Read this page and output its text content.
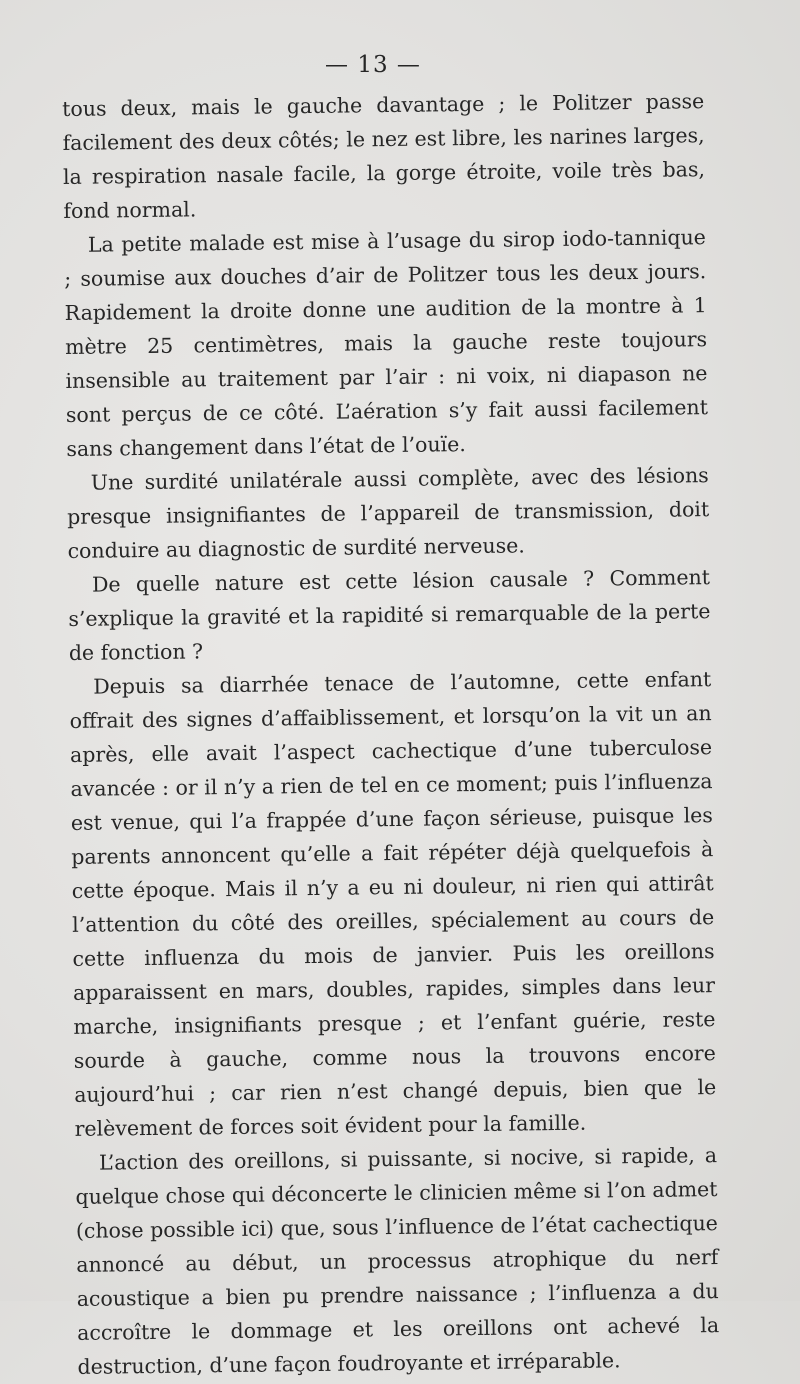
— 13 —

tous deux, mais le gauche davantage ; le Politzer passe facilement des deux côtés; le nez est libre, les narines larges, la respiration nasale facile, la gorge étroite, voile très bas, fond normal.

La petite malade est mise à l’usage du sirop iodo-tannique ; soumise aux douches d’air de Politzer tous les deux jours. Rapidement la droite donne une audition de la montre à 1 mètre 25 centimètres, mais la gauche reste toujours insensible au traitement par l’air : ni voix, ni diapason ne sont perçus de ce côté. L’aération s’y fait aussi facilement sans changement dans l’état de l’ouïe.

Une surdité unilatérale aussi complète, avec des lésions presque insignifiantes de l’appareil de transmission, doit conduire au diagnostic de surdité nerveuse.

De quelle nature est cette lésion causale ? Comment s’explique la gravité et la rapidité si remarquable de la perte de fonction ?

Depuis sa diarrhée tenace de l’automne, cette enfant offrait des signes d’affaiblissement, et lorsqu’on la vit un an après, elle avait l’aspect cachectique d’une tuberculose avancée : or il n’y a rien de tel en ce moment; puis l’influenza est venue, qui l’a frappée d’une façon sérieuse, puisque les parents annoncent qu’elle a fait répéter déjà quelquefois à cette époque. Mais il n’y a eu ni douleur, ni rien qui attirât l’attention du côté des oreilles, spécialement au cours de cette influenza du mois de janvier. Puis les oreillons apparaissent en mars, doubles, rapides, simples dans leur marche, insignifiants presque ; et l’enfant guérie, reste sourde à gauche, comme nous la trouvons encore aujourd’hui ; car rien n’est changé depuis, bien que le relèvement de forces soit évident pour la famille.

L’action des oreillons, si puissante, si nocive, si rapide, a quelque chose qui déconcerte le clinicien même si l’on admet (chose possible ici) que, sous l’influence de l’état cachectique annoncé au début, un processus atrophique du nerf acoustique a bien pu prendre naissance ; l’influenza a du accroître le dommage et les oreillons ont achevé la destruction, d’une façon foudroyante et irréparable.
